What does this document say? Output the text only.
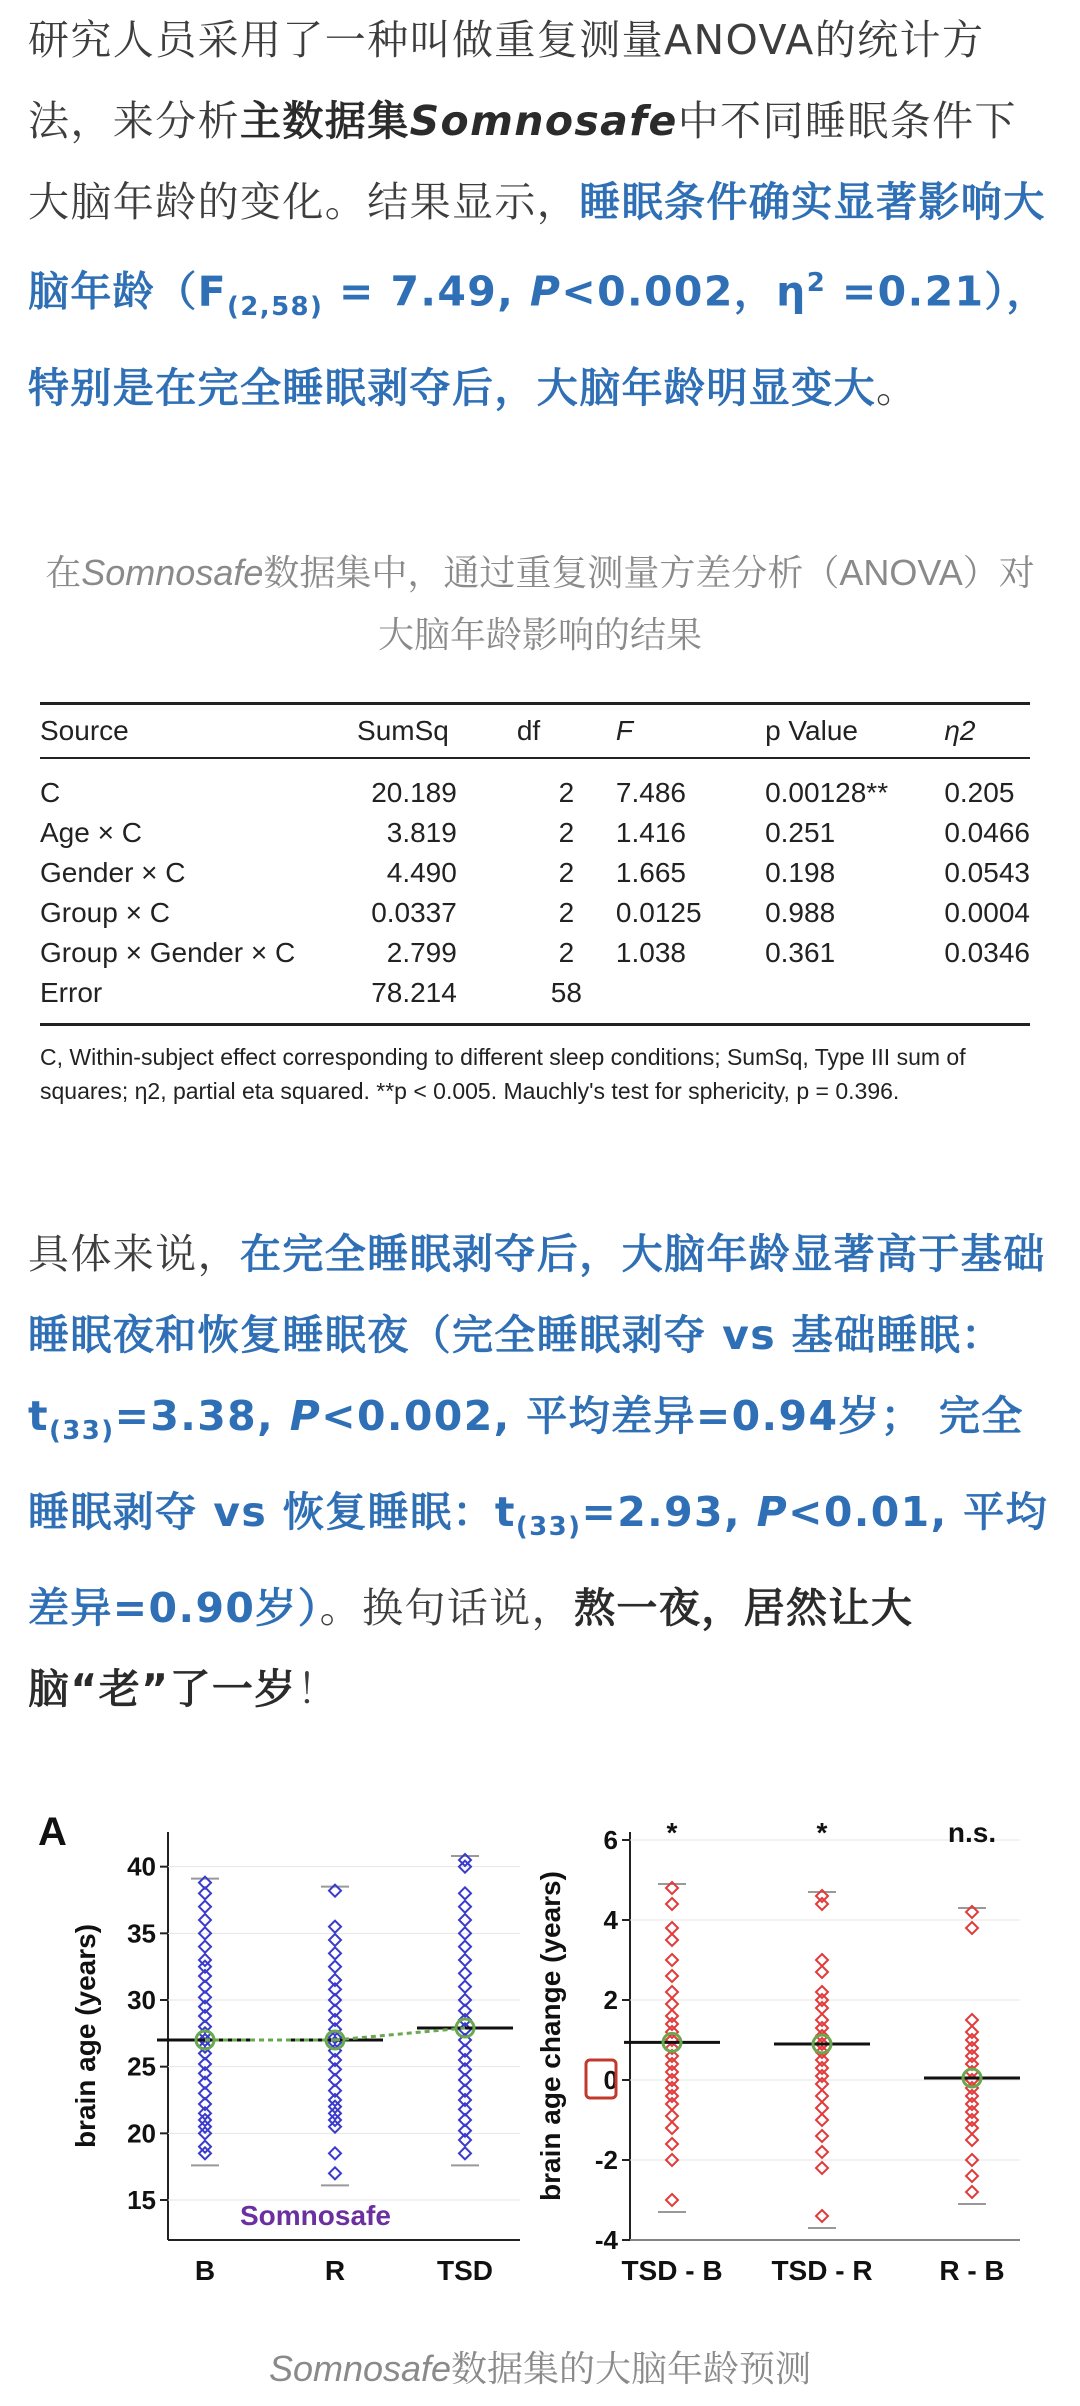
研究人员采用了一种叫做重复测量ANOVA的统计方法，来分析主数据集Somnosafe中不同睡眠条件下大脑年龄的变化。结果显示，睡眠条件确实显著影响大脑年龄（$F_{(2,58)} = 7.49$, P<0.002，$\eta^2 =0.21$），特别是在完全睡眠剥夺后，大脑年龄明显变大。
在Somnosafe数据集中，通过重复测量方差分析（ANOVA）对大脑年龄影响的结果
Source	SumSq	df	F	p Value	η2
C	20.189	2	7.486	0.00128**	0.205
Age × C	3.819	2	1.416	0.251	0.0466
Gender × C	4.490	2	1.665	0.198	0.0543
Group × C	0.0337	2	0.0125	0.988	0.0004
Group × Gender × C	2.799	2	1.038	0.361	0.0346
Error	78.214	58			
C, Within-subject effect corresponding to different sleep conditions; SumSq, Type III sum of squares; η2, partial eta squared. **p < 0.005. Mauchly's test for sphericity, p = 0.396.
具体来说，在完全睡眠剥夺后，大脑年龄显著高于基础睡眠夜和恢复睡眠夜（完全睡眠剥夺 vs 基础睡眠：$t_{(33)}=3.38$, P<0.002, 平均差异=0.94岁； 完全睡眠剥夺 vs 恢复睡眠：$t_{(33)}=2.93$, P<0.01, 平均差异=0.90岁）。换句话说，熬一夜，居然让大脑“老”了一岁！
A
15
20
25
30
35
40
B	R	TSD
brain age (years)
Somnosafe
-4
-2
0
2
4
6
TSD - B TSD - R R - B
*	*	n.s.
brain age change (years)
Somnosafe数据集的大脑年龄预测
